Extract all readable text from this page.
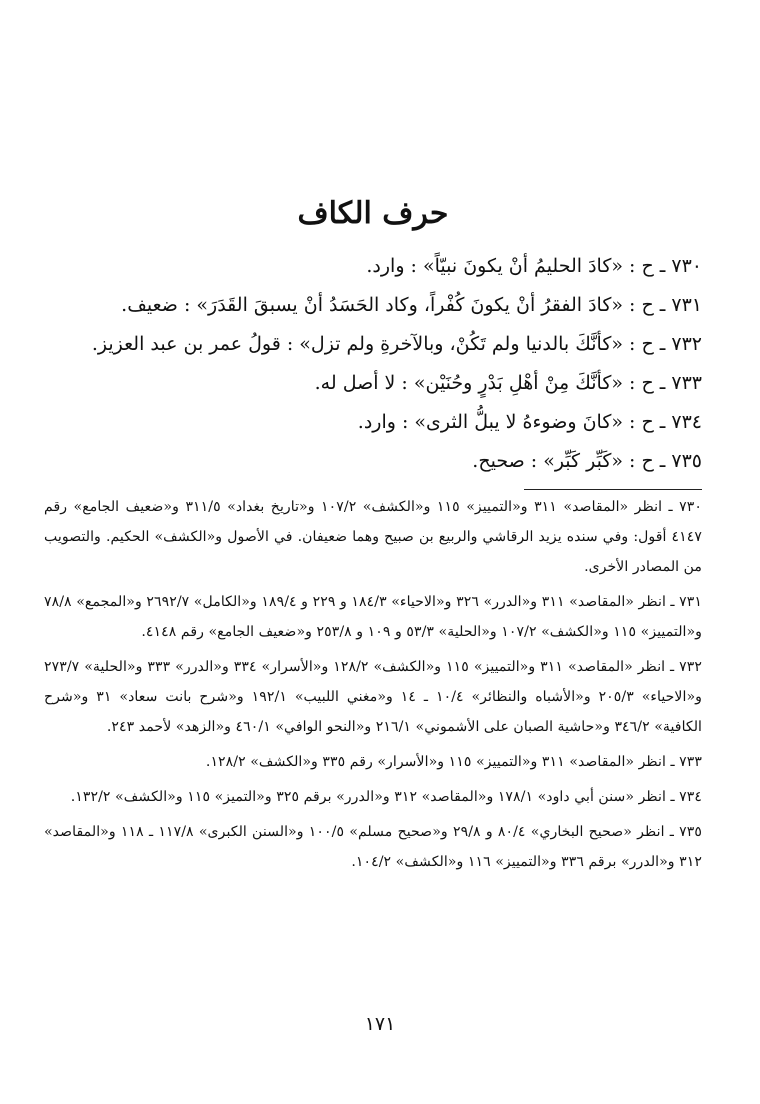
حرف الكاف

٧٣٠ ـ ح :«كادَ الحليمُ أنْ يكونَ نبيّاً» : وارد.

٧٣١ ـ ح :«كادَ الفقرُ أنْ يكونَ كُفْراً، وكاد الحَسَدُ أنْ يسبقَ القَدَرَ» : ضعيف.

٧٣٢ ـ ح :«كأنَّكَ بالدنيا ولم تَكُنْ، وبالآخرةِ ولم تزل» : قولُ عمر بن عبد العزيز.

٧٣٣ ـ ح :«كأنَّكَ مِنْ أهْلِ بَدْرٍ وحُنَيْن» : لا أصل له.

٧٣٤ ـ ح :«كانَ وضوءهُ لا يبلُّ الثرى» : وارد.

٧٣٥ ـ ح :«كَبِّر كَبِّر» : صحيح.

٧٣٠ ـ انظر «المقاصد» ٣١١ و«التمييز» ١١٥ و«الكشف» ١٠٧/٢ و«تاريخ بغداد» ٣١١/٥ و«ضعيف الجامع» رقم ٤١٤٧ أقول: وفي سنده يزيد الرقاشي والربيع بن صبيح وهما ضعيفان. في الأصول و«الكشف» الحكيم. والتصويب من المصادر الأخرى.

٧٣١ ـ انظر «المقاصد» ٣١١ و«الدرر» ٣٢٦ و«الاحياء» ١٨٤/٣ و ٢٢٩ و ١٨٩/٤ و«الكامل» ٢٦٩٢/٧ و«المجمع» ٧٨/٨ و«التمييز» ١١٥ و«الكشف» ١٠٧/٢ و«الحلية» ٥٣/٣ و ١٠٩ و ٢٥٣/٨ و«ضعيف الجامع» رقم ٤١٤٨.

٧٣٢ ـ انظر «المقاصد» ٣١١ و«التمييز» ١١٥ و«الكشف» ١٢٨/٢ و«الأسرار» ٣٣٤ و«الدرر» ٣٣٣ و«الحلية» ٢٧٣/٧ و«الاحياء» ٢٠٥/٣ و«الأشباه والنظائر» ١٠/٤ ـ ١٤ و«مغني اللبيب» ١٩٢/١ و«شرح بانت سعاد» ٣١ و«شرح الكافية» ٣٤٦/٢ و«حاشية الصبان على الأشموني» ٢١٦/١ و«النحو الوافي» ٤٦٠/١ و«الزهد» لأحمد ٢٤٣.

٧٣٣ ـ انظر «المقاصد» ٣١١ و«التمييز» ١١٥ و«الأسرار» رقم ٣٣٥ و«الكشف» ١٢٨/٢.

٧٣٤ ـ انظر «سنن أبي داود» ١٧٨/١ و«المقاصد» ٣١٢ و«الدرر» برقم ٣٢٥ و«التميز» ١١٥ و«الكشف» ١٣٢/٢.

٧٣٥ ـ انظر «صحيح البخاري» ٨٠/٤ و ٢٩/٨ و«صحيح مسلم» ١٠٠/٥ و«السنن الكبرى» ١١٧/٨ ـ ١١٨ و«المقاصد» ٣١٢ و«الدرر» برقم ٣٣٦ و«التمييز» ١١٦ و«الكشف» ١٠٤/٢.

١٧١
